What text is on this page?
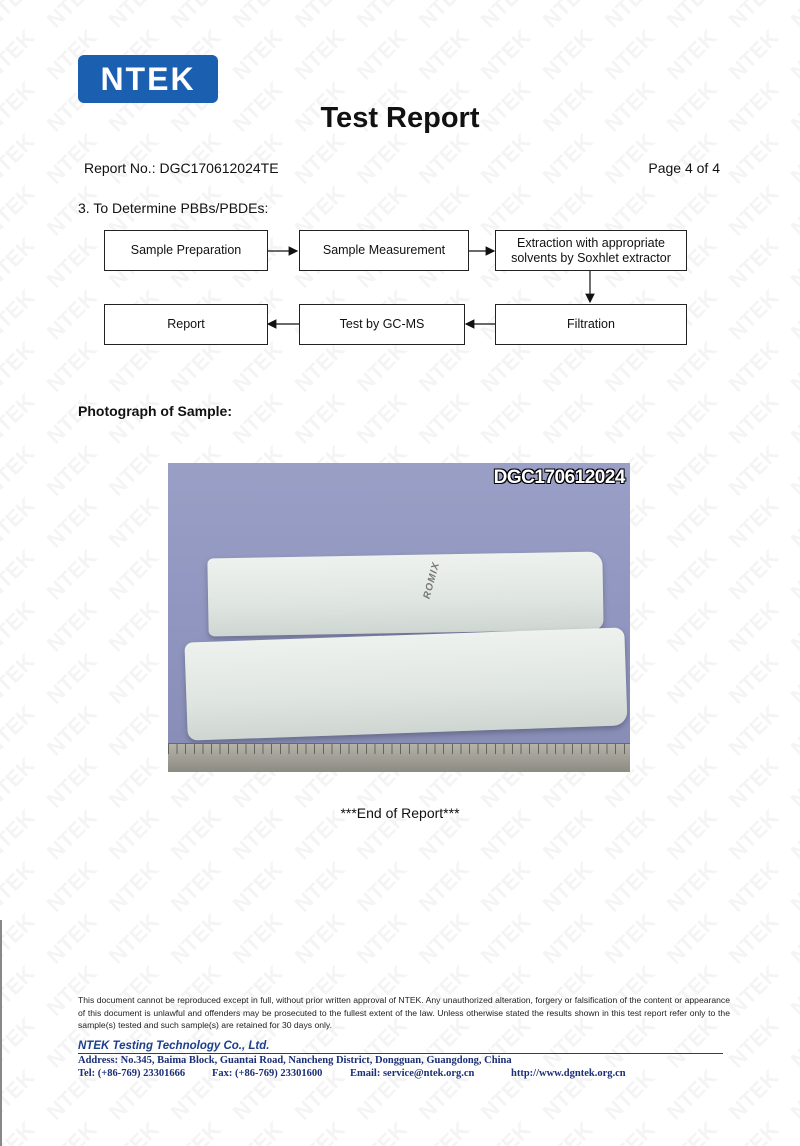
NTEK
Test Report
Report No.: DGC170612024TE	Page 4 of 4
3. To Determine PBBs/PBDEs:
Sample Preparation	Sample Measurement
Extraction with appropriate solvents by Soxhlet extractor
Filtration
Test by GC-MS
Report
Photograph of Sample:
DGC170612024
ROMIX
***End of Report***
This document cannot be reproduced except in full, without prior written approval of NTEK. Any unauthorized alteration, forgery or falsification of the content or appearance of this document is unlawful and offenders may be prosecuted to the fullest extent of the law. Unless otherwise stated the results shown in this test report refer only to the sample(s) tested and such sample(s) are retained for 30 days only.
NTEK Testing Technology Co., Ltd.
Address: No.345, Baima Block, Guantai Road, Nancheng District, Dongguan, Guangdong, China
Tel: (+86-769) 23301666	Fax: (+86-769) 23301600	Email: service@ntek.org.cn	http://www.dgntek.org.cn
